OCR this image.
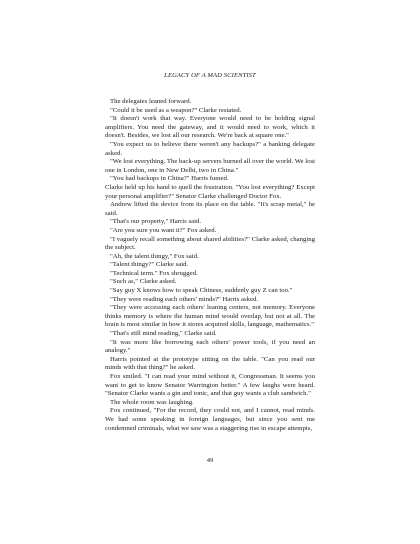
LEGACY OF A MAD SCIENTIST

The delegates leaned forward.

"Could it be used as a weapon?" Clarke restated.

"It doesn't work that way. Everyone would need to be holding signal amplifiers. You need the gateway, and it would need to work, which it doesn't. Besides, we lost all our research. We're back at square one."

"You expect us to believe there weren't any backups?" a banking delegate asked.

"We lost everything. The back-up servers burned all over the world. We lost one in London, one in New Delhi, two in China."

"You had backups in China?" Harris fumed.

Clarke held up his hand to quell the frustration. "You lost everything? Except your personal amplifier?" Senator Clarke challenged Doctor Fox.

Andrew lifted the device from its place on the table. "It's scrap metal," he said.

"That's our property," Harris said.

"Are you sure you want it?" Fox asked.

"I vaguely recall something about shared abilities?" Clarke asked, changing the subject.

"Ah, the talent thingy," Fox said.

"Talent thingy?" Clarke said.

"Technical term." Fox shrugged.

"Such as," Clarke asked.

"Say guy X knows how to speak Chinese, suddenly guy Z can too."

"They were reading each others' minds?" Harris asked.

"They were accessing each others' leaning centers, not memory. Everyone thinks memory is where the human mind would overlap, but not at all. The brain is most similar in how it stores acquired skills, language, mathematics."

"That's still mind reading," Clarke said.

"It was more like borrowing each others' power tools, if you need an analogy."

Harris pointed at the prototype sitting on the table. "Can you read our minds with that thing?" he asked.

Fox smiled. "I can read your mind without it, Congressman. It seems you want to get to know Senator Warrington better." A few laughs were heard. "Senator Clarke wants a gin and tonic, and that guy wants a club sandwich."

The whole room was laughing.

Fox continued, "For the record, they could not, and I cannot, read minds. We had some speaking in foreign languages, but since you sent me condemned criminals, what we saw was a staggering rise in escape attempts,

49
